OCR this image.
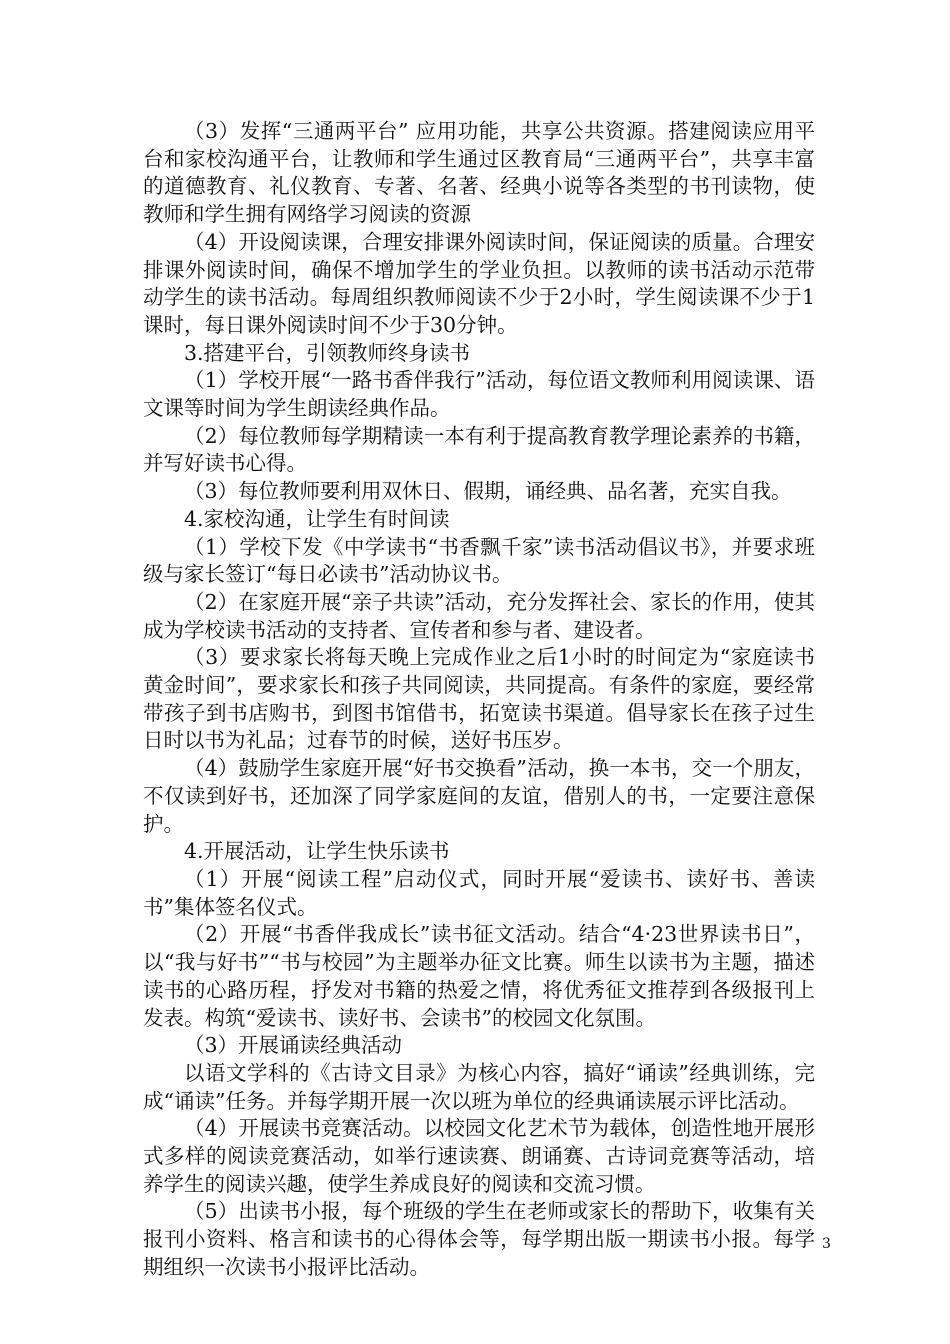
（3）发挥“三通两平台” 应用功能，共享公共资源。搭建阅读应用平台和家校沟通平台，让教师和学生通过区教育局“三通两平台”，共享丰富的道德教育、礼仪教育、专著、名著、经典小说等各类型的书刊读物，使教师和学生拥有网络学习阅读的资源

（4）开设阅读课，合理安排课外阅读时间，保证阅读的质量。合理安排课外阅读时间，确保不增加学生的学业负担。以教师的读书活动示范带动学生的读书活动。每周组织教师阅读不少于2小时，学生阅读课不少于1课时，每日课外阅读时间不少于30分钟。

3.搭建平台，引领教师终身读书

（1）学校开展“一路书香伴我行”活动，每位语文教师利用阅读课、语文课等时间为学生朗读经典作品。

（2）每位教师每学期精读一本有利于提高教育教学理论素养的书籍，并写好读书心得。

（3）每位教师要利用双休日、假期，诵经典、品名著，充实自我。

4.家校沟通，让学生有时间读

（1）学校下发《中学读书“书香飘千家”读书活动倡议书》，并要求班级与家长签订“每日必读书”活动协议书。

（2）在家庭开展“亲子共读”活动，充分发挥社会、家长的作用，使其成为学校读书活动的支持者、宣传者和参与者、建设者。

（3）要求家长将每天晚上完成作业之后1小时的时间定为“家庭读书黄金时间”，要求家长和孩子共同阅读，共同提高。有条件的家庭，要经常带孩子到书店购书，到图书馆借书，拓宽读书渠道。倡导家长在孩子过生日时以书为礼品；过春节的时候，送好书压岁。

（4）鼓励学生家庭开展“好书交换看”活动，换一本书，交一个朋友，不仅读到好书，还加深了同学家庭间的友谊，借别人的书，一定要注意保护。

4.开展活动，让学生快乐读书

（1）开展“阅读工程”启动仪式，同时开展“爱读书、读好书、善读书”集体签名仪式。

（2）开展“书香伴我成长”读书征文活动。结合“4·23世界读书日”，以“我与好书”“书与校园”为主题举办征文比赛。师生以读书为主题，描述读书的心路历程，抒发对书籍的热爱之情，将优秀征文推荐到各级报刊上发表。构筑“爱读书、读好书、会读书”的校园文化氛围。

（3）开展诵读经典活动

以语文学科的《古诗文目录》为核心内容，搞好“诵读”经典训练，完成“诵读”任务。并每学期开展一次以班为单位的经典诵读展示评比活动。

（4）开展读书竞赛活动。以校园文化艺术节为载体，创造性地开展形式多样的阅读竞赛活动，如举行速读赛、朗诵赛、古诗词竞赛等活动，培养学生的阅读兴趣，使学生养成良好的阅读和交流习惯。

（5）出读书小报，每个班级的学生在老师或家长的帮助下，收集有关报刊小资料、格言和读书的心得体会等，每学期出版一期读书小报。每学期组织一次读书小报评比活动。

3
